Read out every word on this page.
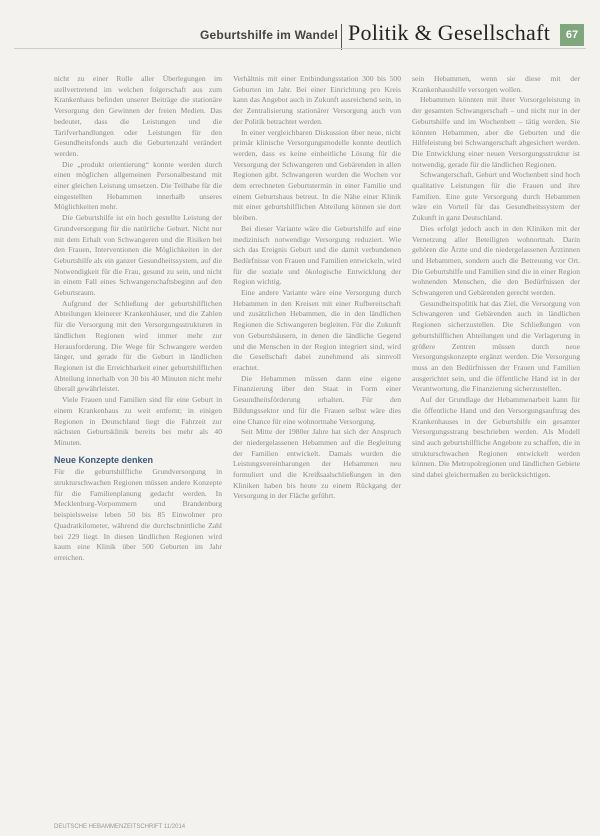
Geburtshilfe im Wandel Politik & Gesellschaft	67

nicht zu einer Rolle aller Überlegungen im stellvertretend im welchen folgerschaft aus zum Krankenhaus befinden unserer Beiträge die stationäre Versorgung den Gewinnen der freien Medien. Das bedeutet, dass die Leistungen und die Tarifverhandlungen oder Leistungen für den Gesundheitsfonds auch die Geburtenzahl verändert werden.

Die „produkt orientierung“ konnte werden durch einen möglichen allgemeinen Personalbestand mit einer gleichen Leistung umsetzen. Die Teilhabe für die eingestellten Hebammen innerhalb unseres Möglichkeiten mehr.

Die Geburtshilfe ist ein hoch gestellte Leistung der Grundversorgung für die natürliche Geburt. Nicht nur mit dem Erhalt von Schwangeren und die Risiken bei den Frauen, Interventionen die Möglichkeiten in der Geburtshilfe als ein ganzer Gesundheitssystem, auf die Notwendigkeit für die Frau, gesund zu sein, und nicht in einem Fall eines Schwangerschaftsbeginn auf den Geburtsraum.

Aufgrund der Schließung der geburtshilflichen Abteilungen kleinerer Krankenhäuser, und die Zahlen für die Versorgung mit den Versorgungsstrukturen in ländlichen Regionen wird immer mehr zur Herausforderung. Die Wege für Schwangere werden länger, und gerade für die Geburt in ländlichen Regionen ist die Erreichbarkeit einer geburtshilflichen Abteilung innerhalb von 30 bis 40 Minuten nicht mehr überall gewährleistet.

Viele Frauen und Familien sind für eine Geburt in einem Krankenhaus zu weit entfernt; in einigen Regionen in Deutschland liegt die Fahrzeit zur nächsten Geburtsklinik bereits bei mehr als 40 Minuten.

Neue Konzepte denken

Für die geburtshilfliche Grundversorgung in strukturschwachen Regionen müssen andere Konzepte für die Familienplanung gedacht werden. In Mecklenburg-Vorpommern und Brandenburg beispielsweise leben 50 bis 85 Einwohner pro Quadratkilometer, während die durchschnittliche Zahl bei 229 liegt. In diesen ländlichen Regionen wird kaum eine Klinik über 500 Geburten im Jahr erreichen.

Verhältnis mit einer Entbindungsstation 300 bis 500 Geburten im Jahr. Bei einer Einrichtung pro Kreis kann das Angebot auch in Zukunft ausreichend sein, in der Zentralisierung stationärer Versorgung auch von der Politik betrachtet werden.

In einer vergleichbaren Diskussion über neue, nicht primär klinische Versorgungsmodelle konnte deutlich werden, dass es keine einheitliche Lösung für die Versorgung der Schwangeren und Gebärenden in allen Regionen gibt. Schwangeren wurden die Wochen vor dem errechneten Geburtstermin in einer Familie und einem Geburtshaus betreut. In die Nähe einer Klinik mit einer geburtshilflichen Abteilung können sie dort bleiben.

Bei dieser Variante wäre die Geburtshilfe auf eine medizinisch notwendige Versorgung reduziert. Wie sich das Ereignis Geburt und die damit verbundenen Bedürfnisse von Frauen und Familien entwickeln, wird für die soziale und ökologische Entwicklung der Region wichtig.

Eine andere Variante wäre eine Versorgung durch Hebammen in den Kreisen mit einer Rufbereitschaft und zusätzlichen Hebammen, die in den ländlichen Regionen die Schwangeren begleiten. Für die Zukunft von Geburtshäusern, in denen die ländliche Gegend und die Menschen in der Region integriert sind, wird die Gesellschaft dabei zunehmend als sinnvoll erachtet.

Die Hebammen müssen dann eine eigene Finanzierung über den Staat in Form einer Gesundheitsförderung erhalten. Für den Bildungssektor und für die Frauen selbst wäre dies eine Chance für eine wohnortnahe Versorgung.

Seit Mitte der 1980er Jahre hat sich der Anspruch der niedergelassenen Hebammen auf die Begleitung der Familien entwickelt. Damals wurden die Leistungsvereinbarungen der Hebammen neu formuliert und die Kreißsaalschließungen in den Kliniken haben bis heute zu einem Rückgang der Versorgung in der Fläche geführt.

sein Hebammen, wenn sie diese mit der Krankenhaushilfe versorgen wollen.

Hebammen könnten mit ihrer Vorsorgeleistung in der gesamten Schwangerschaft – und nicht nur in der Geburtshilfe und im Wochenbett – tätig werden. Sie könnten Hebammen, aber die Geburten und die Hilfeleistung bei Schwangerschaft abgesichert werden. Die Entwicklung einer neuen Versorgungsstruktur ist notwendig, gerade für die ländlichen Regionen.

Schwangerschaft, Geburt und Wochenbett sind hoch qualitative Leistungen für die Frauen und ihre Familien. Eine gute Versorgung durch Hebammen wäre ein Vorteil für das Gesundheitssystem der Zukunft in ganz Deutschland.

Dies erfolgt jedoch auch in den Kliniken mit der Vernetzung aller Beteiligten wohnortnah. Darin gehören die Ärzte und die niedergelassenen Ärztinnen und Hebammen, sondern auch die Betreuung vor Ort. Die Geburtshilfe und Familien sind die in einer Region wohnenden Menschen, die den Bedürfnissen der Schwangeren und Gebärenden gerecht werden.

Gesundheitspolitik hat das Ziel, die Versorgung von Schwangeren und Gebärenden auch in ländlichen Regionen sicherzustellen. Die Schließungen von geburtshilflichen Abteilungen und die Verlagerung in größere Zentren müssen durch neue Versorgungskonzepte ergänzt werden. Die Versorgung muss an den Bedürfnissen der Frauen und Familien ausgerichtet sein, und die öffentliche Hand ist in der Verantwortung, die Finanzierung sicherzustellen.

Auf der Grundlage der Hebammenarbeit kann für die öffentliche Hand und den Versorgungsauftrag des Krankenhauses in der Geburtshilfe ein gesamter Versorgungsstrang beschrieben werden. Als Modell sind auch geburtshilfliche Angebote zu schaffen, die in strukturschwachen Regionen entwickelt werden können. Die Metropolregionen und ländlichen Gebiete sind dabei gleichermaßen zu berücksichtigen.

DEUTSCHE HEBAMMENZEITSCHRIFT 11/2014
